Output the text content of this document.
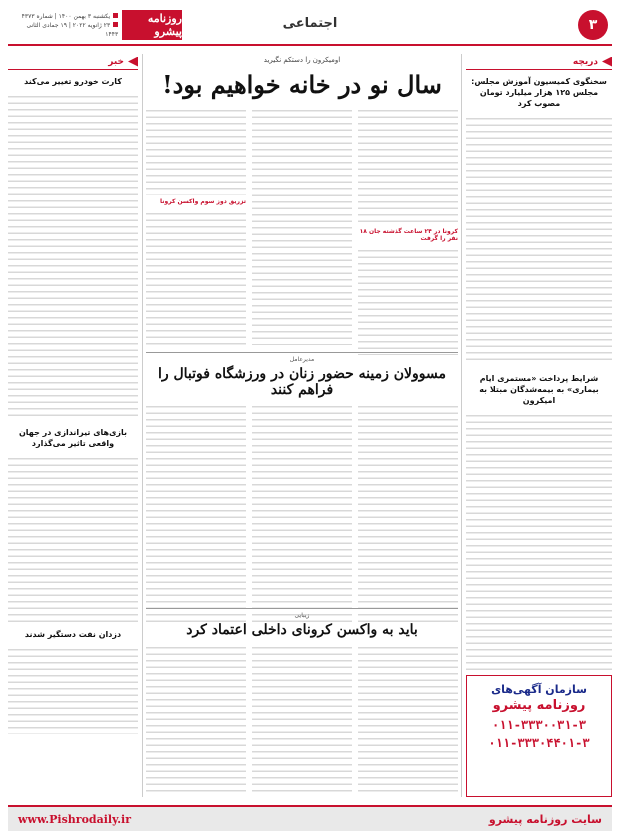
۳
اجتماعی
روزنامه پیشرو
یکشنبه ۳ بهمن ۱۴۰۰ | شماره ۴۳۷۳
۲۳ ژانویه ۲۰۲۲ | ۱۹ جمادی الثانی ۱۴۴۳
دریچه
سخنگوی کمیسیون آموزش مجلس: مجلس ۱۲۵ هزار میلیارد تومان مصوب کرد
شرایط پرداخت «مستمری ایام بیماری» به بیمه‌شدگان مبتلا به امیکرون
خبر
کارت خودرو تغییر می‌کند
بازی‌های تیراندازی در جهان واقعی تاثیر می‌گذارد
دزدان نفت دستگیر شدند
اومیکرون را دستکم نگیرید
سال نو در خانه خواهیم بود!
کرونا در ۲۴ ساعت گذشته جان ۱۸ نفر را گرفت
تزریق دوز سوم واکسن کرونا
مدیرعامل
مسوولان زمینه حضور زنان در ورزشگاه فوتبال را فراهم کنند
زیبایی
باید به واکسن کرونای داخلی اعتماد کرد
سازمان آگهی‌های
روزنامه پیشرو
۰۱۱-۳۳۳۰۰۳۱-۳
۰۱۱-۳۳۳۰۴۴۰۱-۳
سایت روزنامه پیشرو
www.Pishrodaily.ir
